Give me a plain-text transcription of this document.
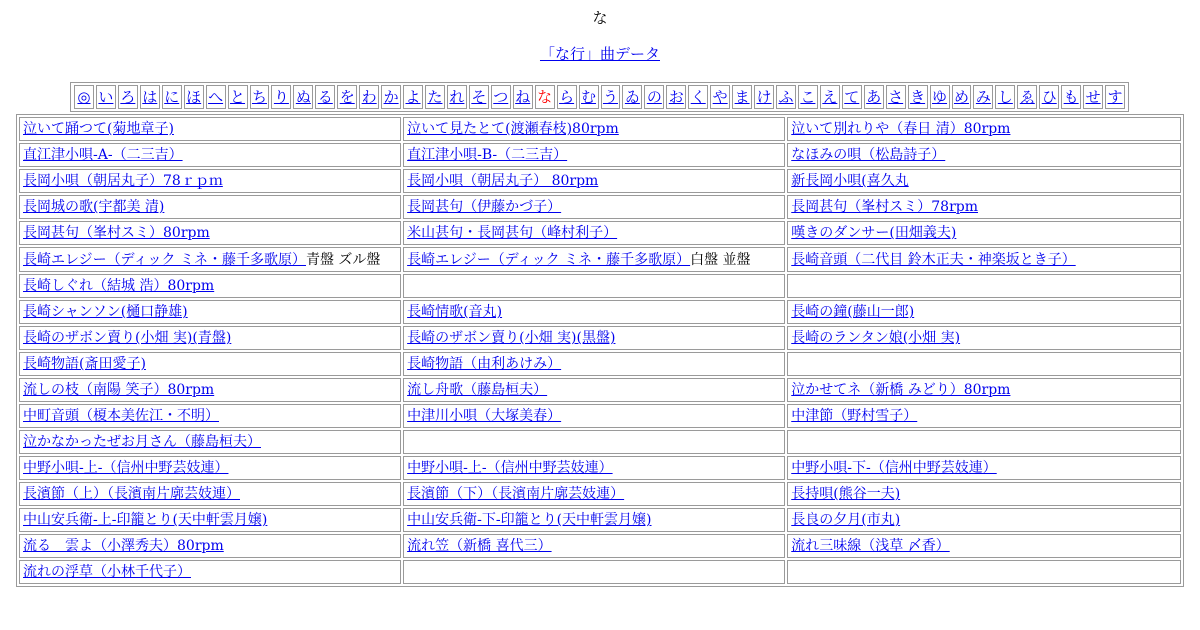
な
「な行」曲データ
◎ い ろ は に ほ へ と ち り ぬ る を わ か よ た れ そ つ ね な ら む う ゐ の お く や ま け ふ こ え て あ さ き ゆ め み し ゑ ひ も せ す
泣いて踊つて(菊地章子)	泣いて見たとて(渡瀬春枝)80rpm	泣いて別れりや（春日 清）80rpm
直江津小唄-A-（二三吉）	直江津小唄-B-（二三吉）	なほみの唄（松島詩子）
長岡小唄（朝居丸子）78ｒｐｍ	長岡小唄（朝居丸子） 80rpm	新長岡小唄(喜久丸
長岡城の歌(宇都美 清)	長岡甚句（伊藤かづ子）	長岡甚句（峯村スミ）78rpm
長岡甚句（峯村スミ）80rpm	米山甚句・長岡甚句（峰村利子）	嘆きのダンサー(田畑義夫)
長崎エレジー（ディック ミネ・藤千多歌原）青盤 ズル盤	長崎エレジー（ディック ミネ・藤千多歌原）白盤 並盤	長崎音頭（二代目 鈴木正夫・神楽坂とき子）
長崎しぐれ（結城 浩）80rpm		
長崎シャンソン(樋口静雄)	長崎情歌(音丸)	長崎の鐘(藤山一郎)
長崎のザボン賣り(小畑 実)(青盤)	長崎のザボン賣り(小畑 実)(黒盤)	長崎のランタン娘(小畑 実)
長崎物語(斎田愛子)	長崎物語（由利あけみ）	
流しの枝（南陽 笑子）80rpm	流し舟歌（藤島桓夫）	泣かせてネ（新橋 みどり）80rpm
中町音頭（榎本美佐江・不明）	中津川小唄（大塚美春）	中津節（野村雪子）
泣かなかったぜお月さん（藤島桓夫）		
中野小唄-上-（信州中野芸妓連）	中野小唄-上-（信州中野芸妓連）	中野小唄-下-（信州中野芸妓連）
長濱節（上）（長濱南片廓芸妓連）	長濱節（下）（長濱南片廓芸妓連）	長持唄(熊谷一夫)
中山安兵衛-上-印籠とり(天中軒雲月嬢)	中山安兵衛-下-印籠とり(天中軒雲月嬢)	長良の夕月(市丸)
流る　雲よ（小澤秀夫）80rpm	流れ笠（新橋 喜代三）	流れ三味線（浅草 〆香）
流れの浮草（小林千代子）		
